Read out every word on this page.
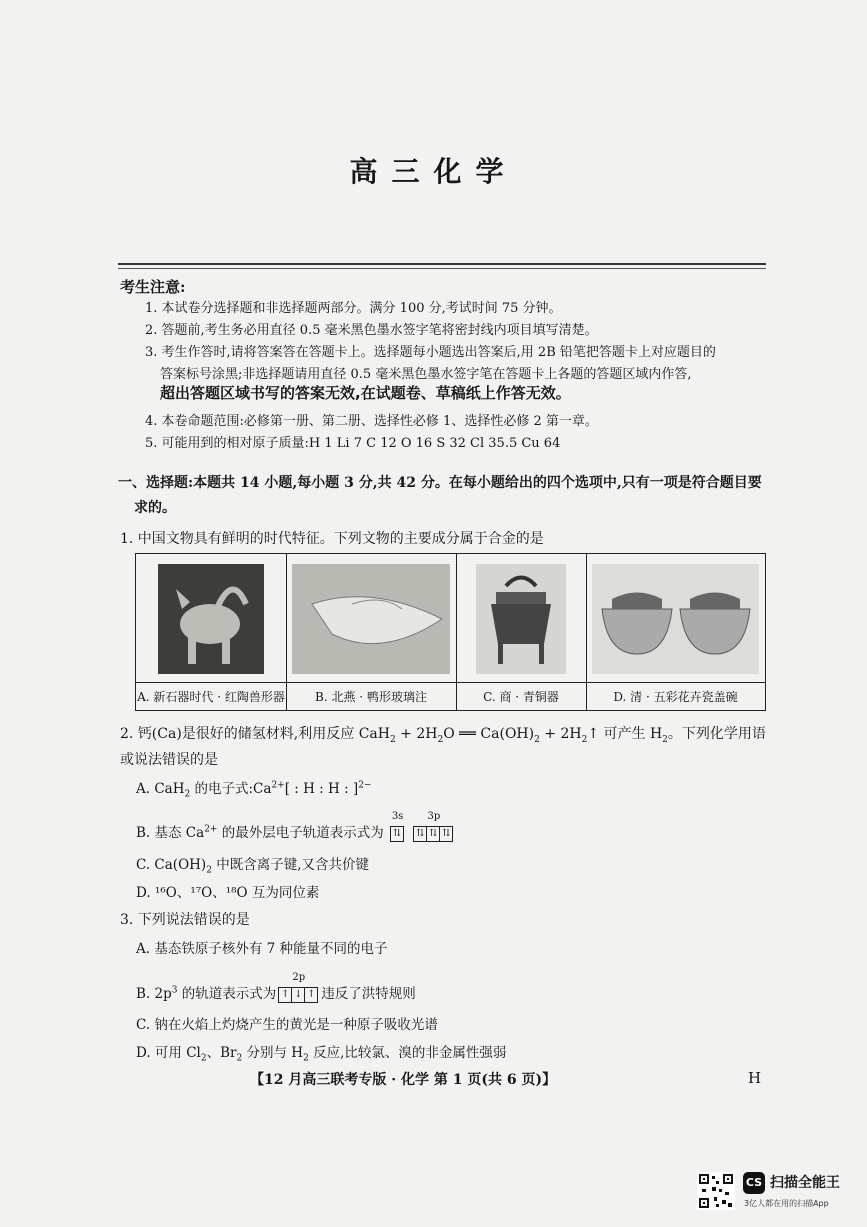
高三化学
考生注意:
1. 本试卷分选择题和非选择题两部分。满分 100 分,考试时间 75 分钟。
2. 答题前,考生务必用直径 0.5 毫米黑色墨水签字笔将密封线内项目填写清楚。
3. 考生作答时,请将答案答在答题卡上。选择题每小题选出答案后,用 2B 铅笔把答题卡上对应题目的
答案标号涂黑;非选择题请用直径 0.5 毫米黑色墨水签字笔在答题卡上各题的答题区域内作答,
超出答题区域书写的答案无效,在试题卷、草稿纸上作答无效。
4. 本卷命题范围:必修第一册、第二册、选择性必修 1、选择性必修 2 第一章。
5. 可能用到的相对原子质量:H 1 Li 7 C 12 O 16 S 32 Cl 35.5 Cu 64
一、选择题:本题共 14 小题,每小题 3 分,共 42 分。在每小题给出的四个选项中,只有一项是符合题目要
求的。
1. 中国文物具有鲜明的时代特征。下列文物的主要成分属于合金的是
A. 新石器时代 · 红陶兽形器	B. 北燕 · 鸭形玻璃注	C. 商 · 青铜器	D. 清 · 五彩花卉瓷盖碗
2. 钙(Ca)是很好的储氢材料,利用反应 $CaH_2 + 2H_2O$ ══ $Ca(OH)_2$ + $2H_2↑$ 可产生 $H_2$。下列化学用语
或说法错误的是
A. CaH$_2$ 的电子式$:Ca^{2+}$[ : H : H : ]$^{2-}$
B. 基态 $Ca^{2+}$ 的最外层电子轨道表示式为
3s
⇅
3p
⇅ ⇅ ⇅
C. $Ca(OH)_2$ 中既含离子键,又含共价键
D. ¹⁶O、¹⁷O、¹⁸O 互为同位素
3. 下列说法错误的是
A. 基态铁原子核外有 7 种能量不同的电子
B. $2p^3$ 的轨道表示式为
2p
↑ ↓ ↑ 违反了洪特规则
C. 钠在火焰上灼烧产生的黄光是一种原子吸收光谱
D. 可用 $Cl_2$、$Br_2$ 分别与 $H_2$ 反应,比较氯、溴的非金属性强弱
【12 月高三联考专版 · 化学 第 1 页(共 6 页)】	H
CS 扫描全能王
3亿人都在用的扫描App
